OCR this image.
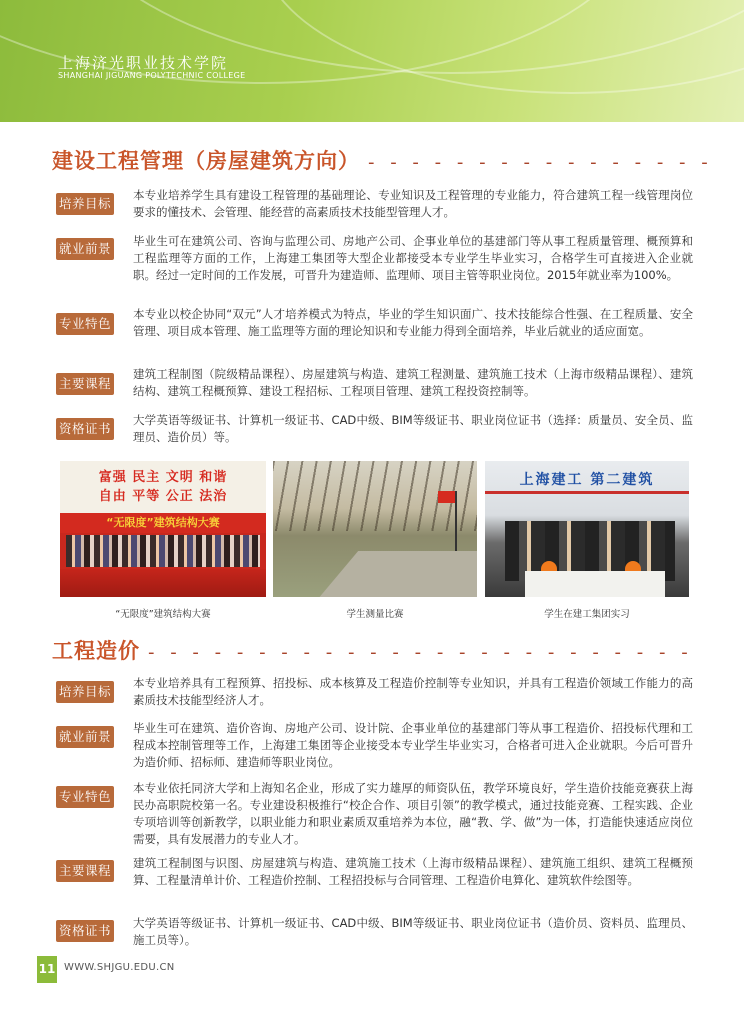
上海济光职业技术学院
SHANGHAI JIGUANG POLYTECHNIC COLLEGE
建设工程管理（房屋建筑方向） - - - - - - - - - - - - - - - -
培养目标
本专业培养学生具有建设工程管理的基础理论、专业知识及工程管理的专业能力，符合建筑工程一线管理岗位要求的懂技术、会管理、能经营的高素质技术技能型管理人才。
就业前景 毕业生可在建筑公司、咨询与监理公司、房地产公司、企事业单位的基建部门等从事工程质量管理、概预算和工程监理等方面的工作，上海建工集团等大型企业都接受本专业学生毕业实习，合格学生可直接进入企业就职。经过一定时间的工作发展，可晋升为建造师、监理师、项目主管等职业岗位。2015年就业率为100%。
专业特色
本专业以校企协同“双元”人才培养模式为特点，毕业的学生知识面广、技术技能综合性强、在工程质量、安全管理、项目成本管理、施工监理等方面的理论知识和专业能力得到全面培养，毕业后就业的适应面宽。
主要课程
建筑工程制图（院级精品课程）、房屋建筑与构造、建筑工程测量、建筑施工技术（上海市级精品课程）、建筑结构、建筑工程概预算、建设工程招标、工程项目管理、建筑工程投资控制等。
资格证书
大学英语等级证书、计算机一级证书、CAD中级、BIM等级证书、职业岗位证书（选择：质量员、安全员、监理员、造价员）等。
富强 民主 文明 和谐
自由 平等 公正 法治
“无限度”建筑结构大赛
上海建工 第二建筑
“无限度”建筑结构大赛	学生测量比赛	学生在建工集团实习
工程造价 - - - - - - - - - - - - - - - - - - - - - - - - -
培养目标
本专业培养具有工程预算、招投标、成本核算及工程造价控制等专业知识，并具有工程造价领域工作能力的高素质技术技能型经济人才。
就业前景
毕业生可在建筑、造价咨询、房地产公司、设计院、企事业单位的基建部门等从事工程造价、招投标代理和工程成本控制管理等工作，上海建工集团等企业接受本专业学生毕业实习，合格者可进入企业就职。今后可晋升为造价师、招标师、建造师等职业岗位。
专业特色
本专业依托同济大学和上海知名企业，形成了实力雄厚的师资队伍，教学环境良好，学生造价技能竞赛获上海民办高职院校第一名。专业建设积极推行“校企合作、项目引领”的教学模式，通过技能竞赛、工程实践、企业专项培训等创新教学，以职业能力和职业素质双重培养为本位，融“教、学、做”为一体，打造能快速适应岗位需要，具有发展潜力的专业人才。
主要课程 建筑工程制图与识图、房屋建筑与构造、建筑施工技术（上海市级精品课程）、建筑施工组织、建筑工程概预算、工程量清单计价、工程造价控制、工程招投标与合同管理、工程造价电算化、建筑软件绘图等。
资格证书 大学英语等级证书、计算机一级证书、CAD中级、BIM等级证书、职业岗位证书（造价员、资料员、监理员、施工员等）。
11 WWW.SHJGU.EDU.CN
